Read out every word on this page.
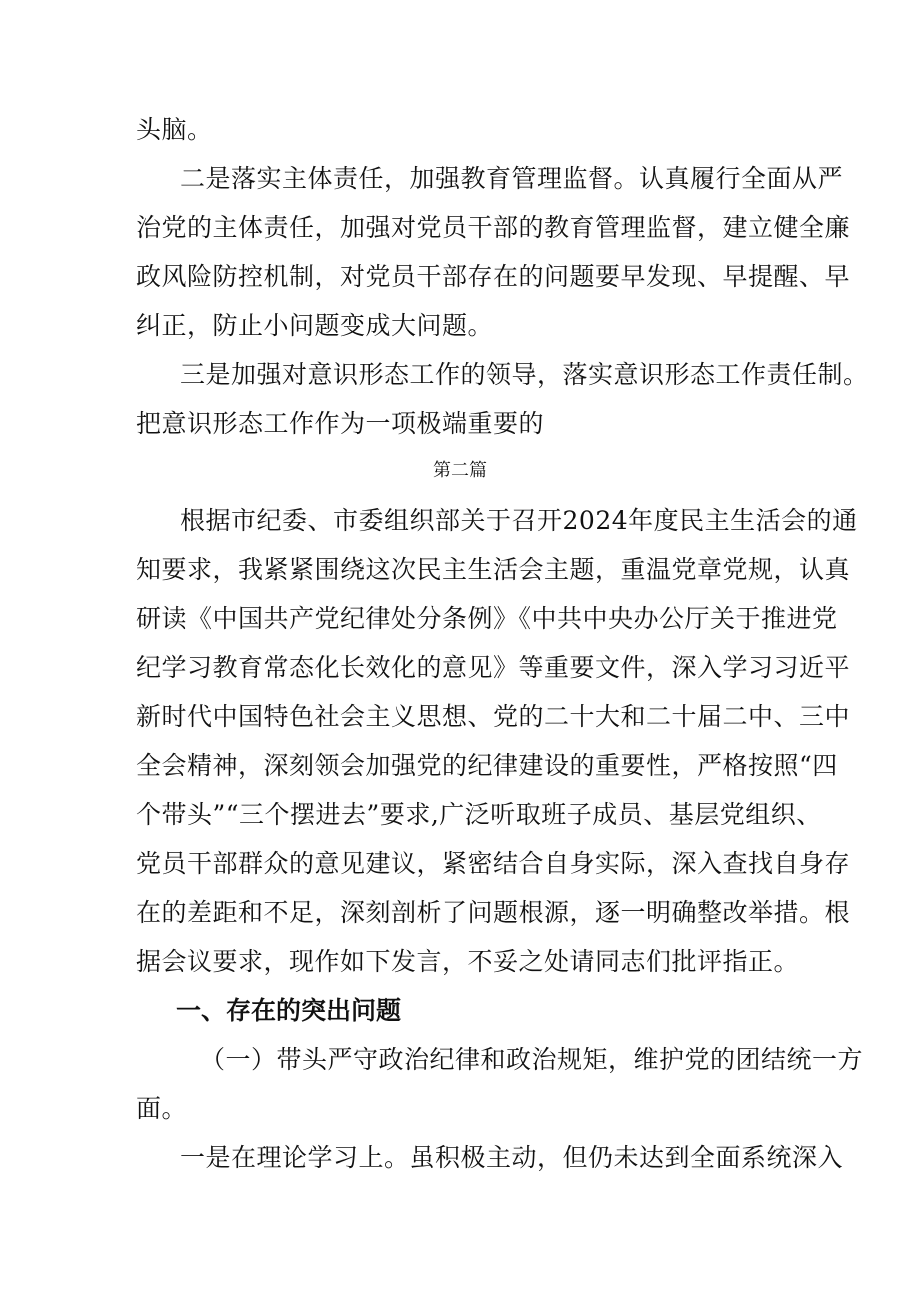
头脑。
二是落实主体责任，加强教育管理监督。认真履行全面从严
治党的主体责任，加强对党员干部的教育管理监督，建立健全廉
政风险防控机制，对党员干部存在的问题要早发现、早提醒、早
纠正，防止小问题变成大问题。
三是加强对意识形态工作的领导，落实意识形态工作责任制。
把意识形态工作作为一项极端重要的
第二篇
根据市纪委、市委组织部关于召开2024年度民主生活会的通
知要求，我紧紧围绕这次民主生活会主题，重温党章党规，认真
研读《中国共产党纪律处分条例》《中共中央办公厅关于推进党
纪学习教育常态化长效化的意见》等重要文件，深入学习习近平
新时代中国特色社会主义思想、党的二十大和二十届二中、三中
全会精神，深刻领会加强党的纪律建设的重要性，严格按照“四
个带头”“三个摆进去”要求,广泛听取班子成员、基层党组织、
党员干部群众的意见建议，紧密结合自身实际，深入查找自身存
在的差距和不足，深刻剖析了问题根源，逐一明确整改举措。根
据会议要求，现作如下发言，不妥之处请同志们批评指正。
一、存在的突出问题
（一）带头严守政治纪律和政治规矩，维护党的团结统一方
面。
一是在理论学习上。虽积极主动，但仍未达到全面系统深入
